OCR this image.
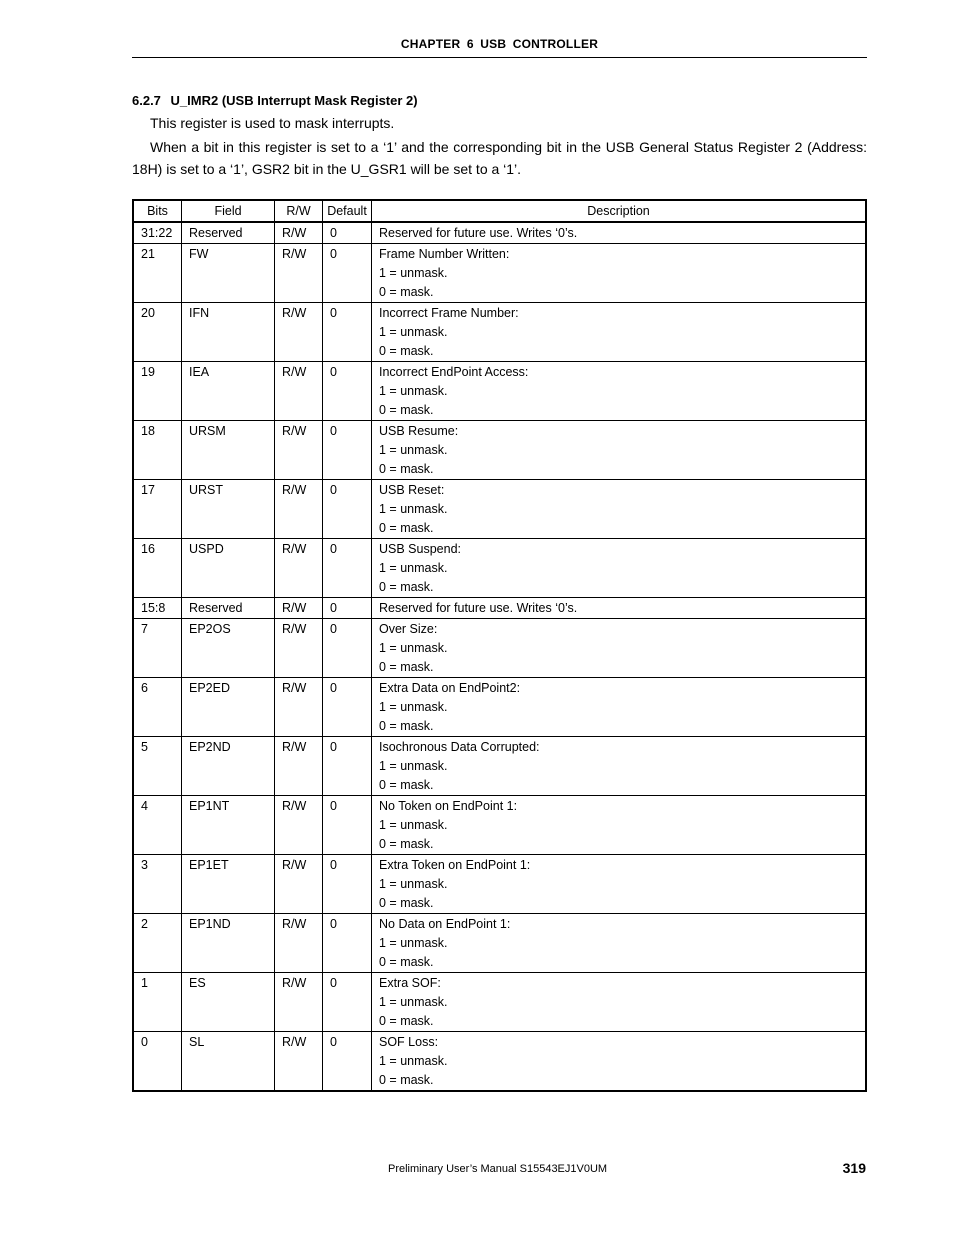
CHAPTER 6 USB CONTROLLER
6.2.7 U_IMR2 (USB Interrupt Mask Register 2)
This register is used to mask interrupts.
When a bit in this register is set to a ‘1’ and the corresponding bit in the USB General Status Register 2 (Address: 18H) is set to a ‘1’, GSR2 bit in the U_GSR1 will be set to a ‘1’.
Bits	Field	R/W	Default	Description
31:22	Reserved	R/W	0	Reserved for future use. Writes ‘0’s.

21	FW	R/W	0	Frame Number Written:
1 = unmask.
0 = mask.

20	IFN	R/W	0	Incorrect Frame Number:
1 = unmask.
0 = mask.

19	IEA	R/W	0	Incorrect EndPoint Access:
1 = unmask.
0 = mask.

18	URSM	R/W	0	USB Resume:
1 = unmask.
0 = mask.

17	URST	R/W	0	USB Reset:
1 = unmask.
0 = mask.

16	USPD	R/W	0	USB Suspend:
1 = unmask.
0 = mask.

15:8	Reserved	R/W	0	Reserved for future use. Writes ‘0’s.

7	EP2OS	R/W	0	Over Size:
1 = unmask.
0 = mask.

6	EP2ED	R/W	0	Extra Data on EndPoint2:
1 = unmask.
0 = mask.

5	EP2ND	R/W	0	Isochronous Data Corrupted:
1 = unmask.
0 = mask.

4	EP1NT	R/W	0	No Token on EndPoint 1:
1 = unmask.
0 = mask.

3	EP1ET	R/W	0	Extra Token on EndPoint 1:
1 = unmask.
0 = mask.

2	EP1ND	R/W	0	No Data on EndPoint 1:
1 = unmask.
0 = mask.

1	ES	R/W	0	Extra SOF:
1 = unmask.
0 = mask.

0	SL	R/W	0	SOF Loss:
1 = unmask.
0 = mask.
Preliminary User’s Manual S15543EJ1V0UM	319
